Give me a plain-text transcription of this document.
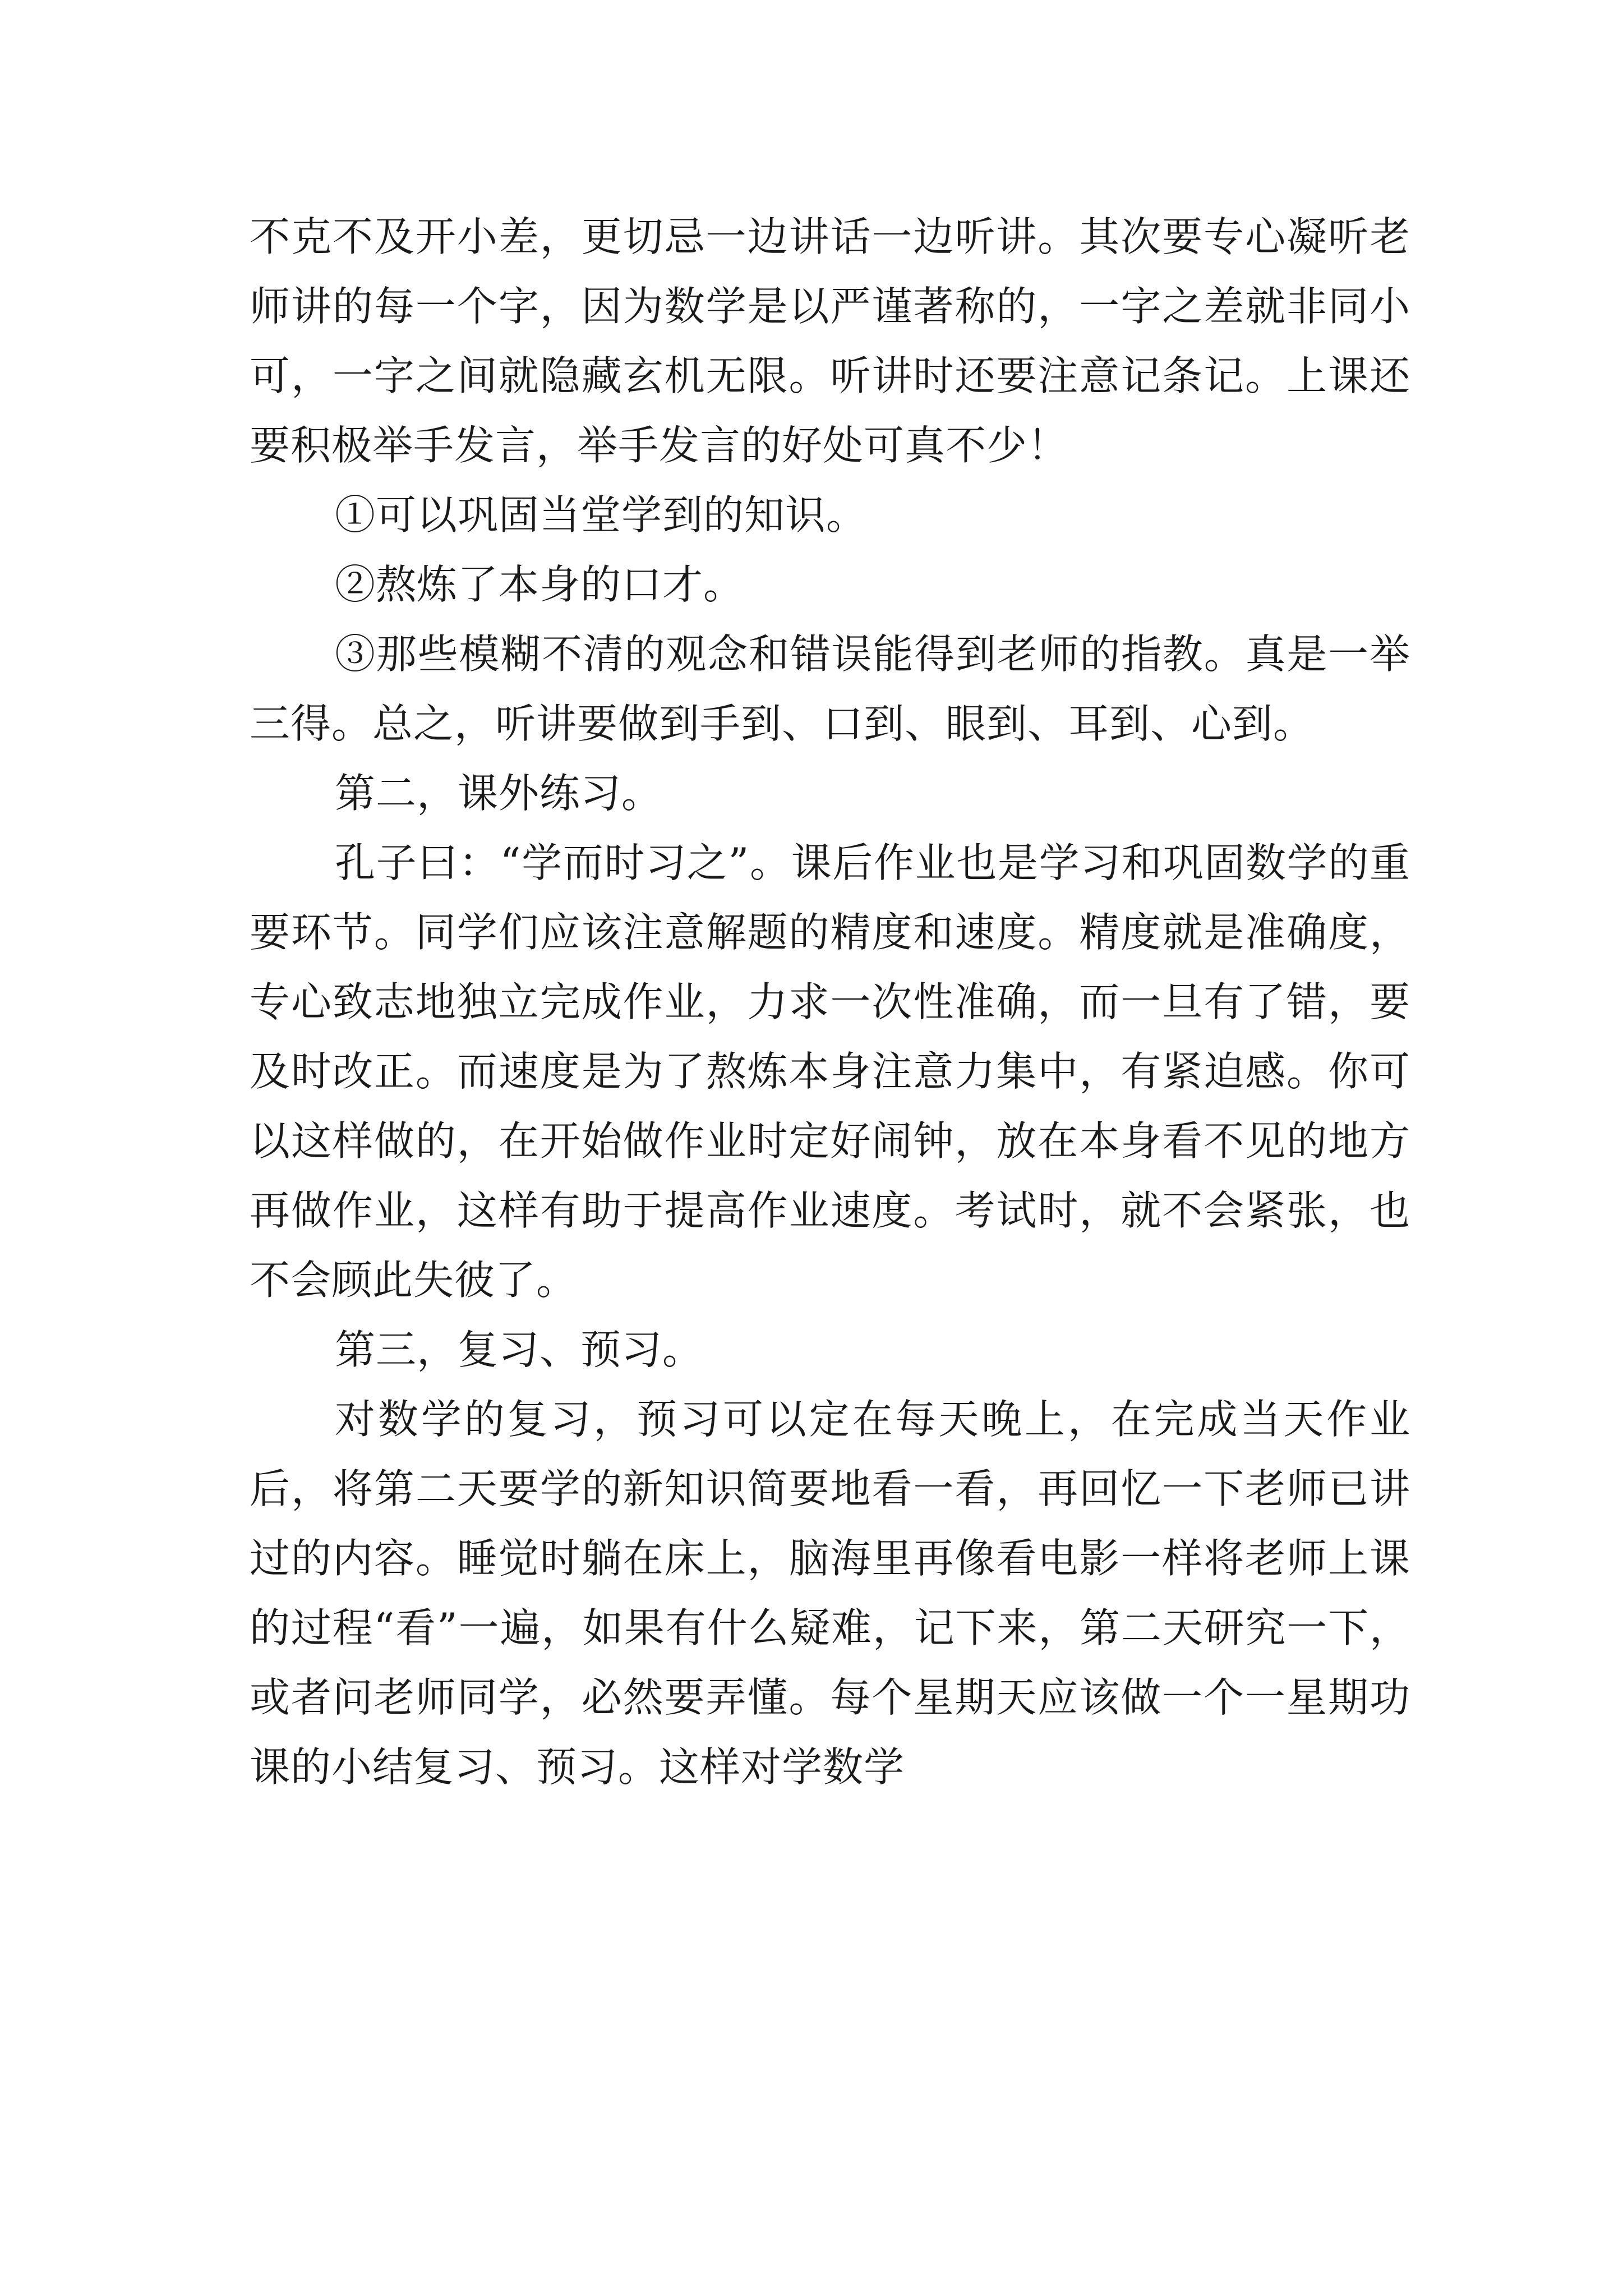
不克不及开小差，更切忌一边讲话一边听讲。其次要专心凝听老师讲的每一个字，因为数学是以严谨著称的，一字之差就非同小可，一字之间就隐藏玄机无限。听讲时还要注意记条记。上课还要积极举手发言，举手发言的好处可真不少！

①可以巩固当堂学到的知识。

②熬炼了本身的口才。

③那些模糊不清的观念和错误能得到老师的指教。真是一举三得。总之，听讲要做到手到、口到、眼到、耳到、心到。

第二，课外练习。

孔子曰：“学而时习之”。课后作业也是学习和巩固数学的重要环节。同学们应该注意解题的精度和速度。精度就是准确度，专心致志地独立完成作业，力求一次性准确，而一旦有了错，要及时改正。而速度是为了熬炼本身注意力集中，有紧迫感。你可以这样做的，在开始做作业时定好闹钟，放在本身看不见的地方再做作业，这样有助于提高作业速度。考试时，就不会紧张，也不会顾此失彼了。

第三，复习、预习。

对数学的复习，预习可以定在每天晚上，在完成当天作业后，将第二天要学的新知识简要地看一看，再回忆一下老师已讲过的内容。睡觉时躺在床上，脑海里再像看电影一样将老师上课的过程“看”一遍，如果有什么疑难，记下来，第二天研究一下，或者问老师同学，必然要弄懂。每个星期天应该做一个一星期功课的小结复习、预习。这样对学数学
